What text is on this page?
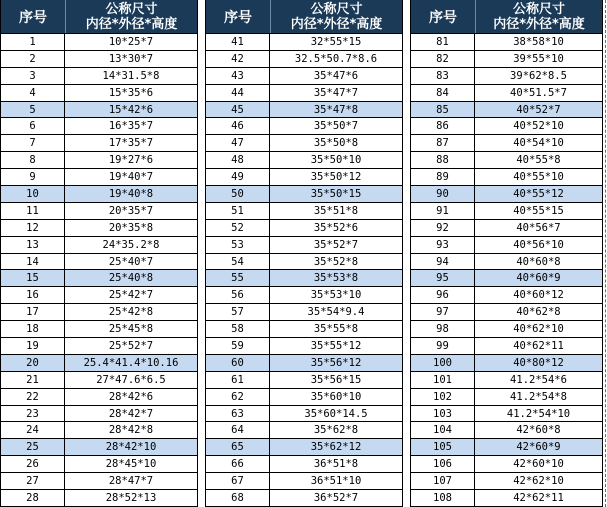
序号
公称尺寸
内径*外径*高度
1	10*25*7
2	13*30*7
3	14*31.5*8
4	15*35*6
5	15*42*6
6	16*35*7
7	17*35*7
8	19*27*6
9	19*40*7
10	19*40*8
11	20*35*7
12	20*35*8
13	24*35.2*8
14	25*40*7
15	25*40*8
16	25*42*7
17	25*42*8
18	25*45*8
19	25*52*7
20	25.4*41.4*10.16
21	27*47.6*6.5
22	28*42*6
23	28*42*7
24	28*42*8
25	28*42*10
26	28*45*10
27	28*47*7
28	28*52*13
序号
公称尺寸
内径*外径*高度
41	32*55*15
42	32.5*50.7*8.6
43	35*47*6
44	35*47*7
45	35*47*8
46	35*50*7
47	35*50*8
48	35*50*10
49	35*50*12
50	35*50*15
51	35*51*8
52	35*52*6
53	35*52*7
54	35*52*8
55	35*53*8
56	35*53*10
57	35*54*9.4
58	35*55*8
59	35*55*12
60	35*56*12
61	35*56*15
62	35*60*10
63	35*60*14.5
64	35*62*8
65	35*62*12
66	36*51*8
67	36*51*10
68	36*52*7
序号
公称尺寸
内径*外径*高度
81	38*58*10
82	39*55*10
83	39*62*8.5
84	40*51.5*7
85	40*52*7
86	40*52*10
87	40*54*10
88	40*55*8
89	40*55*10
90	40*55*12
91	40*55*15
92	40*56*7
93	40*56*10
94	40*60*8
95	40*60*9
96	40*60*12
97	40*62*8
98	40*62*10
99	40*62*11
100	40*80*12
101	41.2*54*6
102	41.2*54*8
103	41.2*54*10
104	42*60*8
105	42*60*9
106	42*60*10
107	42*62*10
108	42*62*11
